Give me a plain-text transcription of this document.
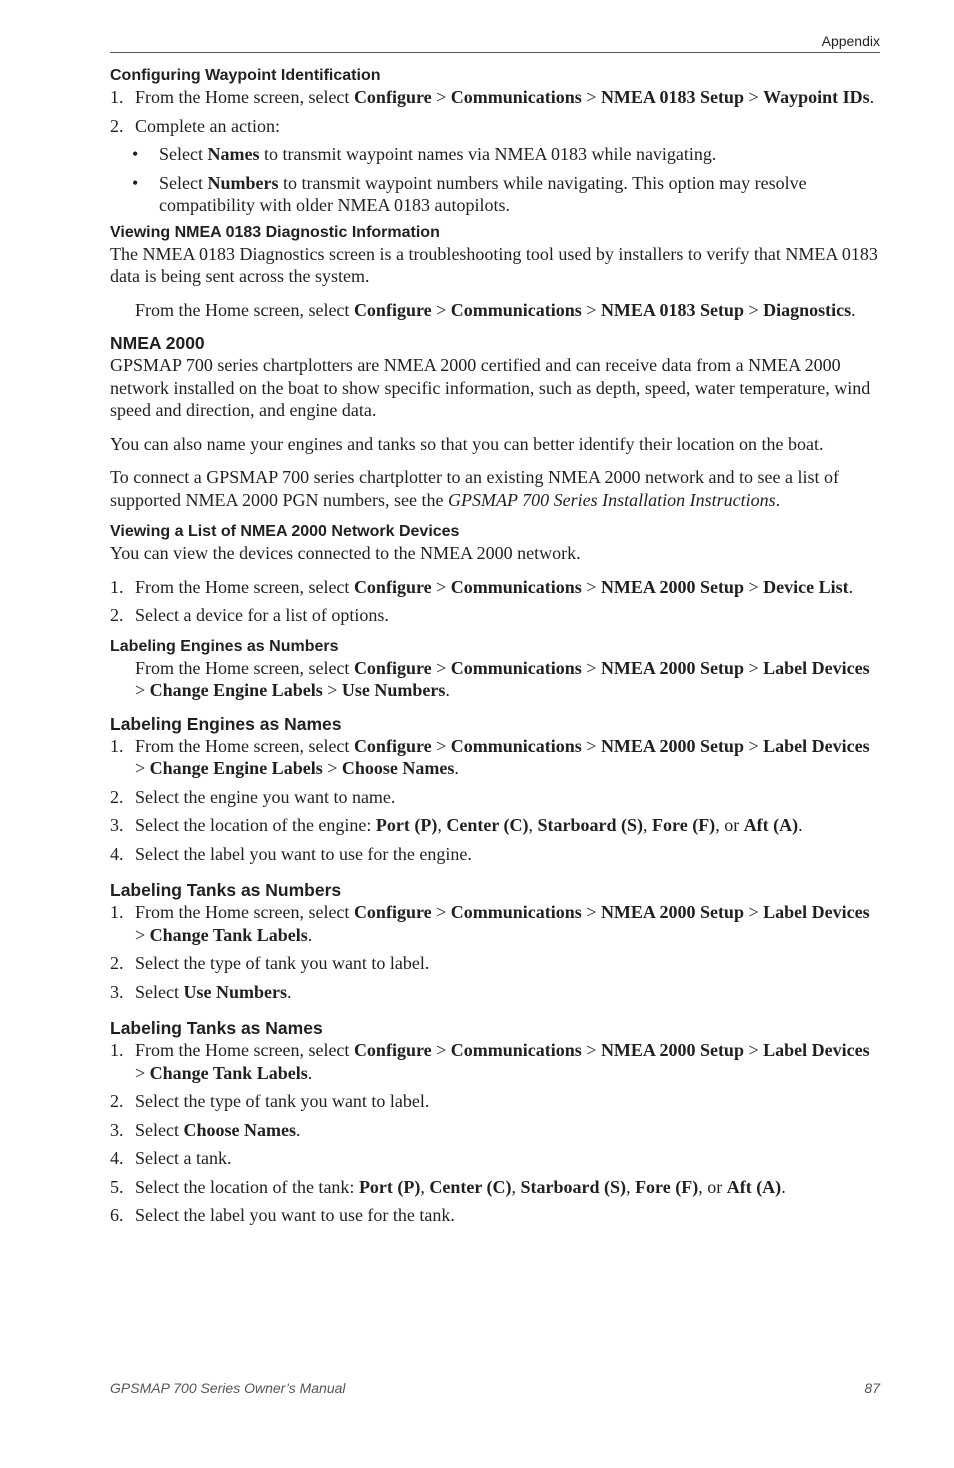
Appendix
Configuring Waypoint Identification
1. From the Home screen, select Configure > Communications > NMEA 0183 Setup > Waypoint IDs.
2. Complete an action:
• Select Names to transmit waypoint names via NMEA 0183 while navigating.
• Select Numbers to transmit waypoint numbers while navigating. This option may resolve compatibility with older NMEA 0183 autopilots.
Viewing NMEA 0183 Diagnostic Information

The NMEA 0183 Diagnostics screen is a troubleshooting tool used by installers to verify that NMEA 0183 data is being sent across the system.

From the Home screen, select Configure > Communications > NMEA 0183 Setup > Diagnostics.

NMEA 2000

GPSMAP 700 series chartplotters are NMEA 2000 certified and can receive data from a NMEA 2000 network installed on the boat to show specific information, such as depth, speed, water temperature, wind speed and direction, and engine data.

You can also name your engines and tanks so that you can better identify their location on the boat.

To connect a GPSMAP 700 series chartplotter to an existing NMEA 2000 network and to see a list of supported NMEA 2000 PGN numbers, see the GPSMAP 700 Series Installation Instructions.

Viewing a List of NMEA 2000 Network Devices

You can view the devices connected to the NMEA 2000 network.

1. From the Home screen, select Configure > Communications > NMEA 2000 Setup > Device List.
2. Select a device for a list of options.
Labeling Engines as Numbers

From the Home screen, select Configure > Communications > NMEA 2000 Setup > Label Devices > Change Engine Labels > Use Numbers.

Labeling Engines as Names
1. From the Home screen, select Configure > Communications > NMEA 2000 Setup > Label Devices > Change Engine Labels > Choose Names.
2. Select the engine you want to name.
3. Select the location of the engine: Port (P), Center (C), Starboard (S), Fore (F), or Aft (A).
4. Select the label you want to use for the engine.
Labeling Tanks as Numbers
1. From the Home screen, select Configure > Communications > NMEA 2000 Setup > Label Devices > Change Tank Labels.
2. Select the type of tank you want to label.
3. Select Use Numbers.
Labeling Tanks as Names
1. From the Home screen, select Configure > Communications > NMEA 2000 Setup > Label Devices > Change Tank Labels.
2. Select the type of tank you want to label.
3. Select Choose Names.
4. Select a tank.
5. Select the location of the tank: Port (P), Center (C), Starboard (S), Fore (F), or Aft (A).
6. Select the label you want to use for the tank.
GPSMAP 700 Series Owner’s Manual	87
